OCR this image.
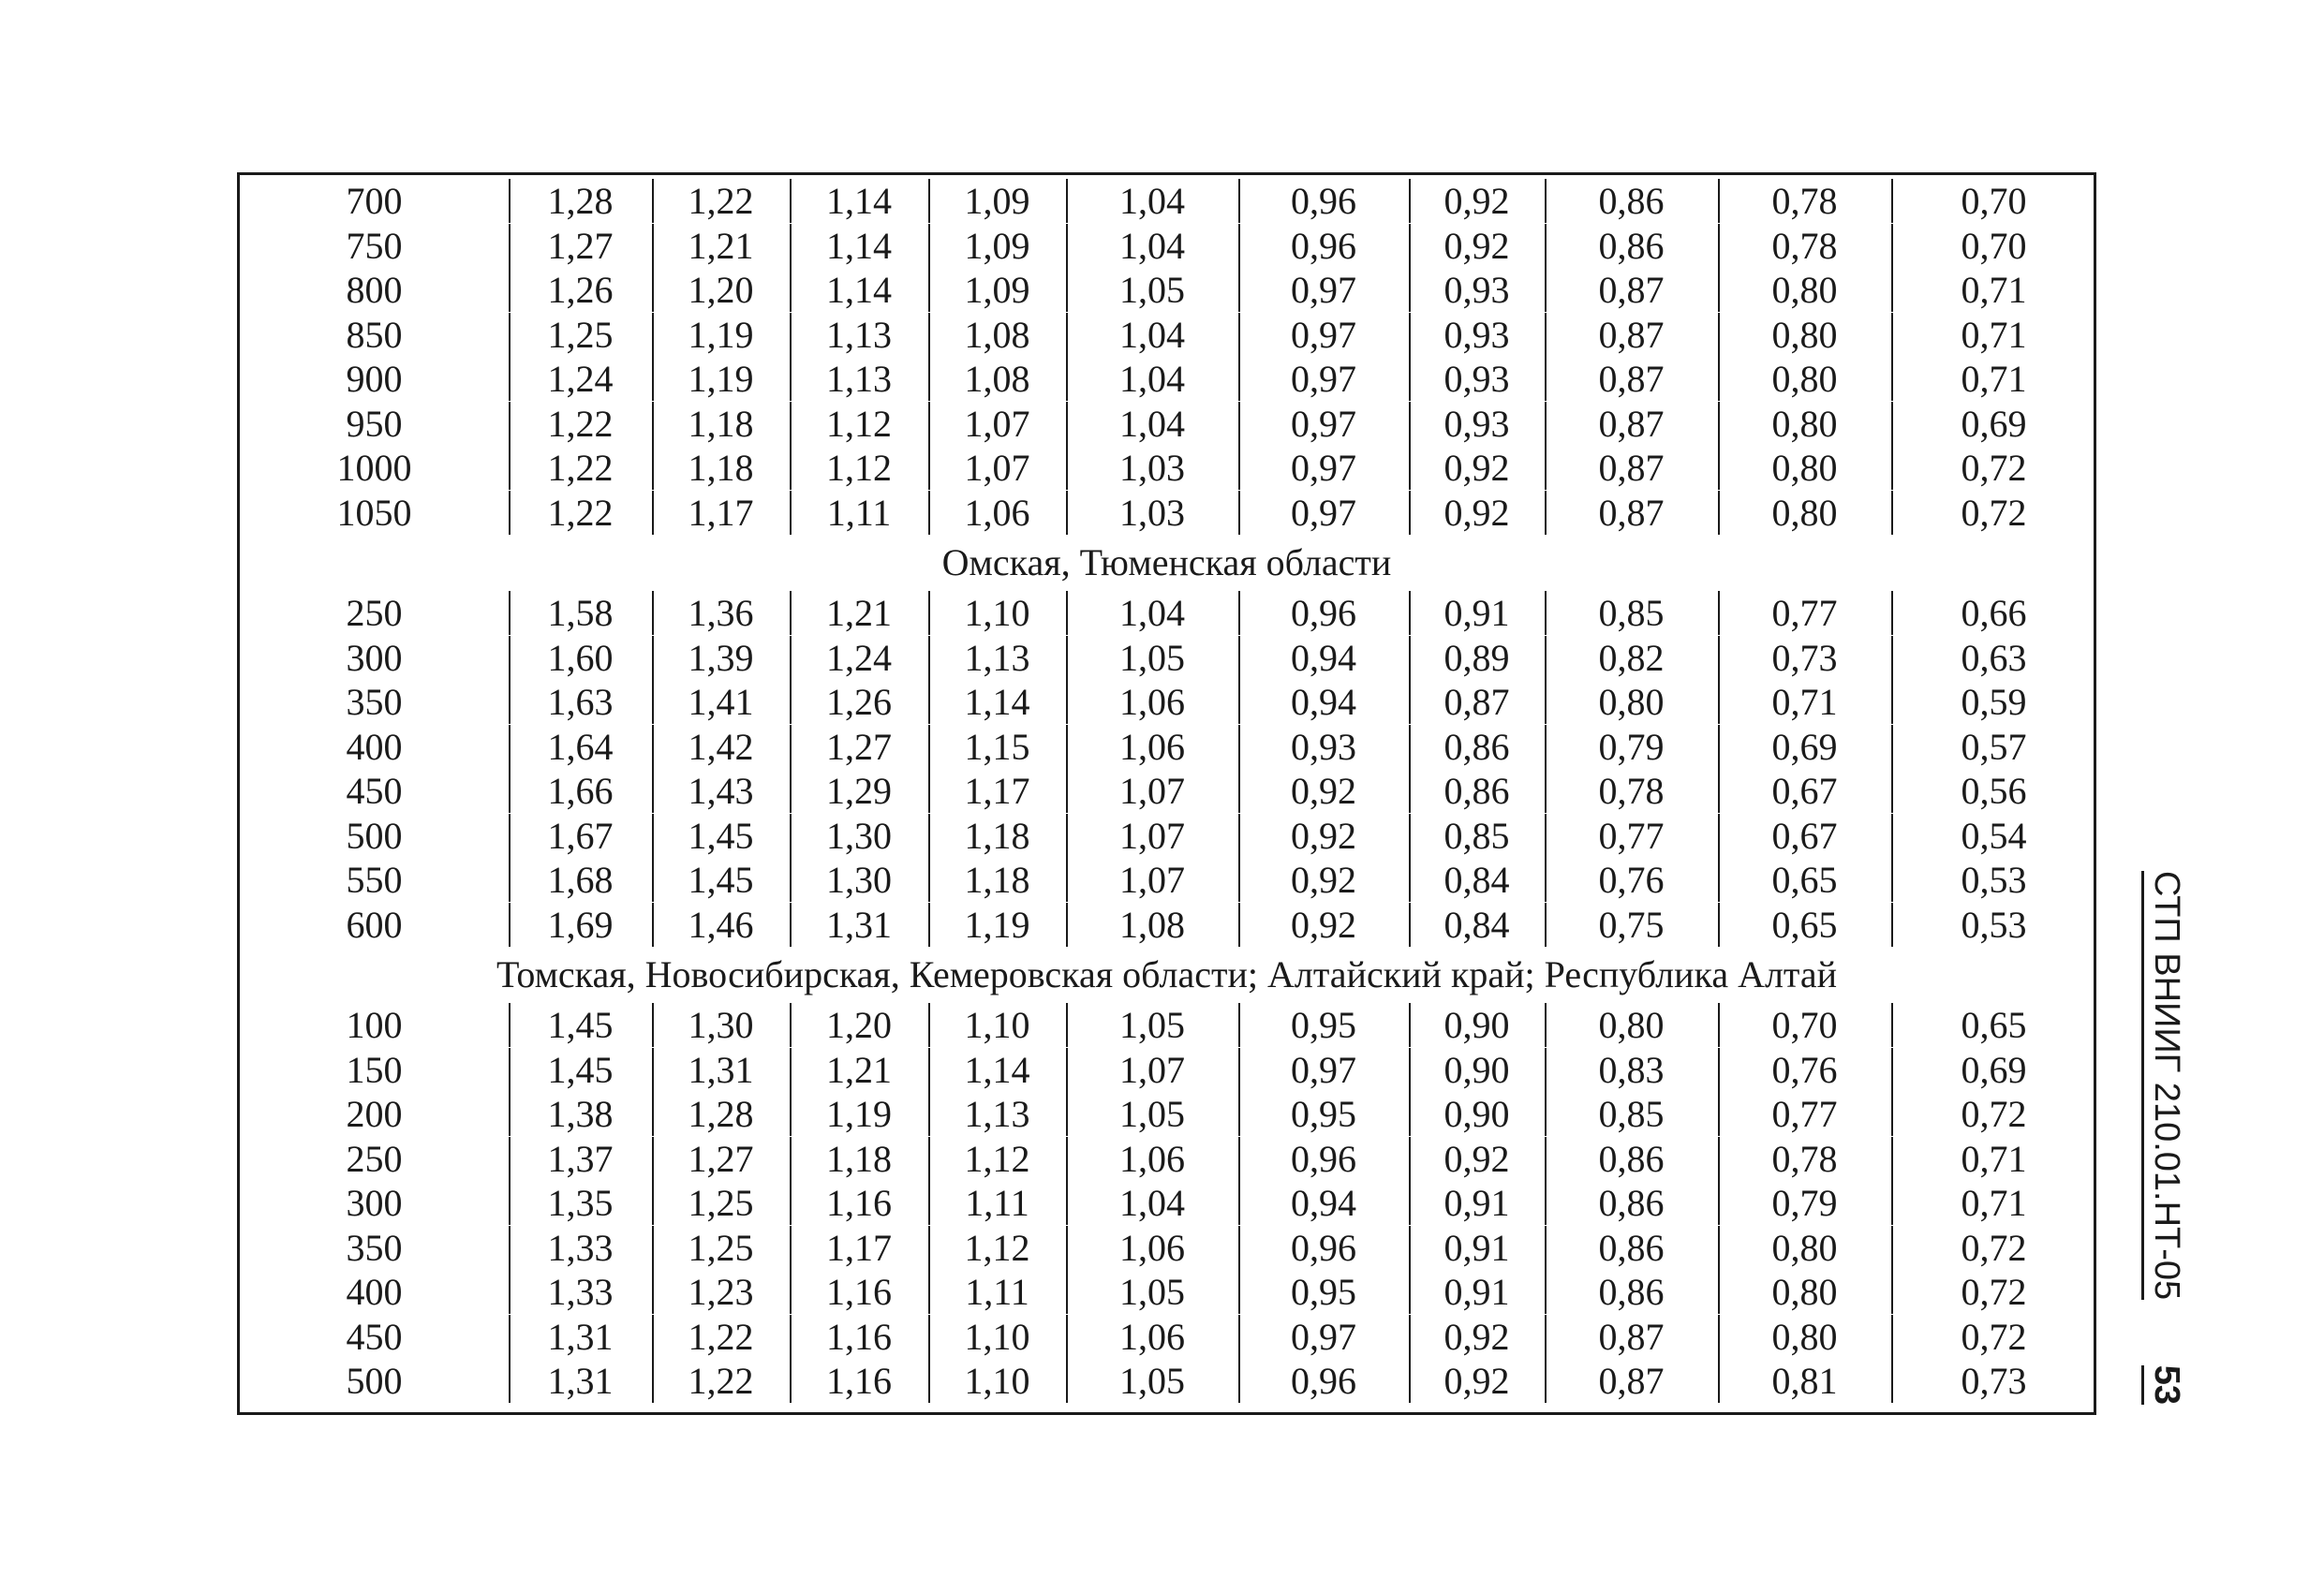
700	1,28	1,22	1,14	1,09	1,04	0,96	0,92	0,86	0,78	0,70
750	1,27	1,21	1,14	1,09	1,04	0,96	0,92	0,86	0,78	0,70
800	1,26	1,20	1,14	1,09	1,05	0,97	0,93	0,87	0,80	0,71
850	1,25	1,19	1,13	1,08	1,04	0,97	0,93	0,87	0,80	0,71
900	1,24	1,19	1,13	1,08	1,04	0,97	0,93	0,87	0,80	0,71
950	1,22	1,18	1,12	1,07	1,04	0,97	0,93	0,87	0,80	0,69
1000	1,22	1,18	1,12	1,07	1,03	0,97	0,92	0,87	0,80	0,72
1050	1,22	1,17	1,11	1,06	1,03	0,97	0,92	0,87	0,80	0,72
Омская, Тюменская области
250	1,58	1,36	1,21	1,10	1,04	0,96	0,91	0,85	0,77	0,66
300	1,60	1,39	1,24	1,13	1,05	0,94	0,89	0,82	0,73	0,63
350	1,63	1,41	1,26	1,14	1,06	0,94	0,87	0,80	0,71	0,59
400	1,64	1,42	1,27	1,15	1,06	0,93	0,86	0,79	0,69	0,57
450	1,66	1,43	1,29	1,17	1,07	0,92	0,86	0,78	0,67	0,56
500	1,67	1,45	1,30	1,18	1,07	0,92	0,85	0,77	0,67	0,54
550	1,68	1,45	1,30	1,18	1,07	0,92	0,84	0,76	0,65	0,53
600	1,69	1,46	1,31	1,19	1,08	0,92	0,84	0,75	0,65	0,53
Томская, Новосибирская, Кемеровская области; Алтайский край; Республика Алтай
100	1,45	1,30	1,20	1,10	1,05	0,95	0,90	0,80	0,70	0,65
150	1,45	1,31	1,21	1,14	1,07	0,97	0,90	0,83	0,76	0,69
200	1,38	1,28	1,19	1,13	1,05	0,95	0,90	0,85	0,77	0,72
250	1,37	1,27	1,18	1,12	1,06	0,96	0,92	0,86	0,78	0,71
300	1,35	1,25	1,16	1,11	1,04	0,94	0,91	0,86	0,79	0,71
350	1,33	1,25	1,17	1,12	1,06	0,96	0,91	0,86	0,80	0,72
400	1,33	1,23	1,16	1,11	1,05	0,95	0,91	0,86	0,80	0,72
450	1,31	1,22	1,16	1,10	1,06	0,97	0,92	0,87	0,80	0,72
500	1,31	1,22	1,16	1,10	1,05	0,96	0,92	0,87	0,81	0,73
СТП ВНИИГ 210.01.НТ-05
53
